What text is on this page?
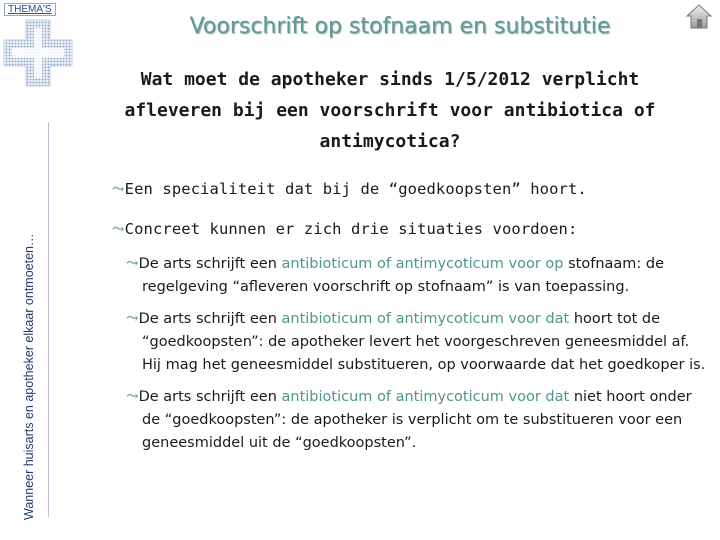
THEMA'S
Wanneer huisarts en apotheker elkaar ontmoeten…
Voorschrift op stofnaam en substitutie
Wat moet de apotheker sinds 1/5/2012 verplicht afleveren bij een voorschrift voor antibiotica of antimycotica?
⤳Een specialiteit dat bij de “goedkoopsten” hoort.
⤳Concreet kunnen er zich drie situaties voordoen:
⤳De arts schrijft een antibioticum of antimycoticum voor op stofnaam: de regelgeving “afleveren voorschrift op stofnaam” is van toepassing.
⤳De arts schrijft een antibioticum of antimycoticum voor dat hoort tot de “goedkoopsten”: de apotheker levert het voorgeschreven geneesmiddel af. Hij mag het geneesmiddel substitueren, op voorwaarde dat het goedkoper is.
⤳De arts schrijft een antibioticum of antimycoticum voor dat niet hoort onder de “goedkoopsten”: de apotheker is verplicht om te substitueren voor een geneesmiddel uit de “goedkoopsten”.
